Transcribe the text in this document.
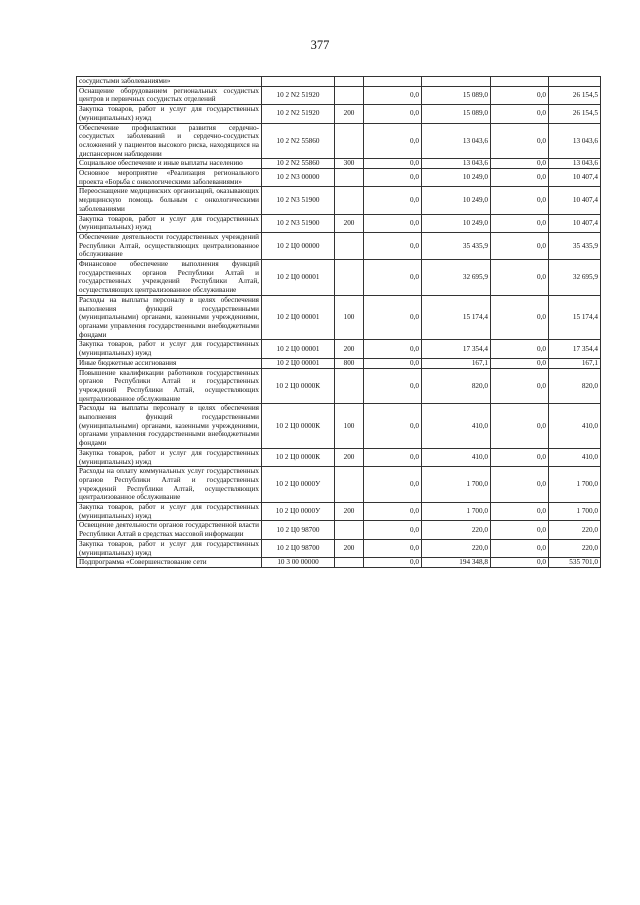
377
сосудистыми заболеваниями»						
Оснащение оборудованием региональных сосудистых центров и первичных сосудистых отделений	10 2 N2 51920		0,0	15 089,0	0,0	26 154,5
Закупка товаров, работ и услуг для государственных (муниципальных) нужд	10 2 N2 51920	200	0,0	15 089,0	0,0	26 154,5
Обеспечение профилактики развития сердечно-сосудистых заболеваний и сердечно-сосудистых осложнений у пациентов высокого риска, находящихся на диспансерном наблюдении	10 2 N2 55860		0,0	13 043,6	0,0	13 043,6
Социальное обеспечение и иные выплаты населению	10 2 N2 55860	300	0,0	13 043,6	0,0	13 043,6
Основное мероприятие «Реализация регионального проекта «Борьба с онкологическими заболеваниями»	10 2 N3 00000		0,0	10 249,0	0,0	10 407,4
Переоснащение медицинских организаций, оказывающих медицинскую помощь больным с онкологическими заболеваниями	10 2 N3 51900		0,0	10 249,0	0,0	10 407,4
Закупка товаров, работ и услуг для государственных (муниципальных) нужд	10 2 N3 51900	200	0,0	10 249,0	0,0	10 407,4
Обеспечение деятельности государственных учреждений Республики Алтай, осуществляющих централизованное обслуживание	10 2 Ц0 00000		0,0	35 435,9	0,0	35 435,9
Финансовое обеспечение выполнения функций государственных органов Республики Алтай и государственных учреждений Республики Алтай, осуществляющих централизованное обслуживание	10 2 Ц0 00001		0,0	32 695,9	0,0	32 695,9
Расходы на выплаты персоналу в целях обеспечения выполнения функций государственными (муниципальными) органами, казенными учреждениями, органами управления государственными внебюджетными фондами	10 2 Ц0 00001	100	0,0	15 174,4	0,0	15 174,4
Закупка товаров, работ и услуг для государственных (муниципальных) нужд	10 2 Ц0 00001	200	0,0	17 354,4	0,0	17 354,4
Иные бюджетные ассигнования	10 2 Ц0 00001	800	0,0	167,1	0,0	167,1
Повышение квалификации работников государственных органов Республики Алтай и государственных учреждений Республики Алтай, осуществляющих централизованное обслуживание	10 2 Ц0 0000К		0,0	820,0	0,0	820,0
Расходы на выплаты персоналу в целях обеспечения выполнения функций государственными (муниципальными) органами, казенными учреждениями, органами управления государственными внебюджетными фондами	10 2 Ц0 0000К	100	0,0	410,0	0,0	410,0
Закупка товаров, работ и услуг для государственных (муниципальных) нужд	10 2 Ц0 0000К	200	0,0	410,0	0,0	410,0
Расходы на оплату коммунальных услуг государственных органов Республики Алтай и государственных учреждений Республики Алтай, осуществляющих централизованное обслуживание	10 2 Ц0 0000У		0,0	1 700,0	0,0	1 700,0
Закупка товаров, работ и услуг для государственных (муниципальных) нужд	10 2 Ц0 0000У	200	0,0	1 700,0	0,0	1 700,0
Освещение деятельности органов государственной власти Республики Алтай в средствах массовой информации	10 2 Ц0 98700		0,0	220,0	0,0	220,0
Закупка товаров, работ и услуг для государственных (муниципальных) нужд	10 2 Ц0 98700	200	0,0	220,0	0,0	220,0
Подпрограмма «Совершенствование сети	10 3 00 00000		0,0	194 348,8	0,0	535 701,0
